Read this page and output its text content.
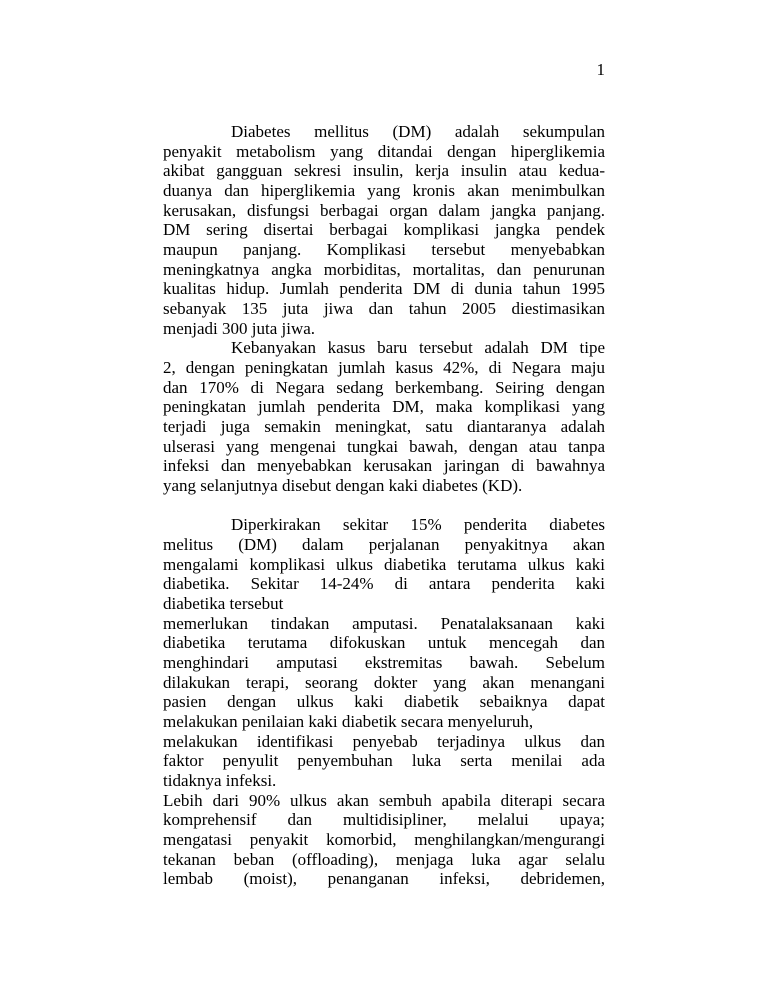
1
Diabetes mellitus (DM) adalah sekumpulan
penyakit metabolism yang ditandai dengan hiperglikemia
akibat gangguan sekresi insulin, kerja insulin atau kedua-
duanya dan hiperglikemia yang kronis akan menimbulkan
kerusakan, disfungsi berbagai organ dalam jangka panjang.
DM sering disertai berbagai komplikasi jangka pendek
maupun panjang. Komplikasi tersebut menyebabkan
meningkatnya angka morbiditas, mortalitas, dan penurunan
kualitas hidup. Jumlah penderita DM di dunia tahun 1995
sebanyak 135 juta jiwa dan tahun 2005 diestimasikan
menjadi 300 juta jiwa.
Kebanyakan kasus baru tersebut adalah DM tipe
2, dengan peningkatan jumlah kasus 42%, di Negara maju
dan 170% di Negara sedang berkembang. Seiring dengan
peningkatan jumlah penderita DM, maka komplikasi yang
terjadi juga semakin meningkat, satu diantaranya adalah
ulserasi yang mengenai tungkai bawah, dengan atau tanpa
infeksi dan menyebabkan kerusakan jaringan di bawahnya
yang selanjutnya disebut dengan kaki diabetes (KD).
Diperkirakan sekitar 15% penderita diabetes
melitus (DM) dalam perjalanan penyakitnya akan
mengalami komplikasi ulkus diabetika terutama ulkus kaki
diabetika. Sekitar 14-24% di antara penderita kaki
diabetika tersebut
memerlukan tindakan amputasi. Penatalaksanaan kaki
diabetika terutama difokuskan untuk mencegah dan
menghindari amputasi ekstremitas bawah. Sebelum
dilakukan terapi, seorang dokter yang akan menangani
pasien dengan ulkus kaki diabetik sebaiknya dapat
melakukan penilaian kaki diabetik secara menyeluruh,
melakukan identifikasi penyebab terjadinya ulkus dan
faktor penyulit penyembuhan luka serta menilai ada
tidaknya infeksi.
Lebih dari 90% ulkus akan sembuh apabila diterapi secara
komprehensif dan multidisipliner, melalui upaya;
mengatasi penyakit komorbid, menghilangkan/mengurangi
tekanan beban (offloading), menjaga luka agar selalu
lembab (moist), penanganan infeksi, debridemen,
